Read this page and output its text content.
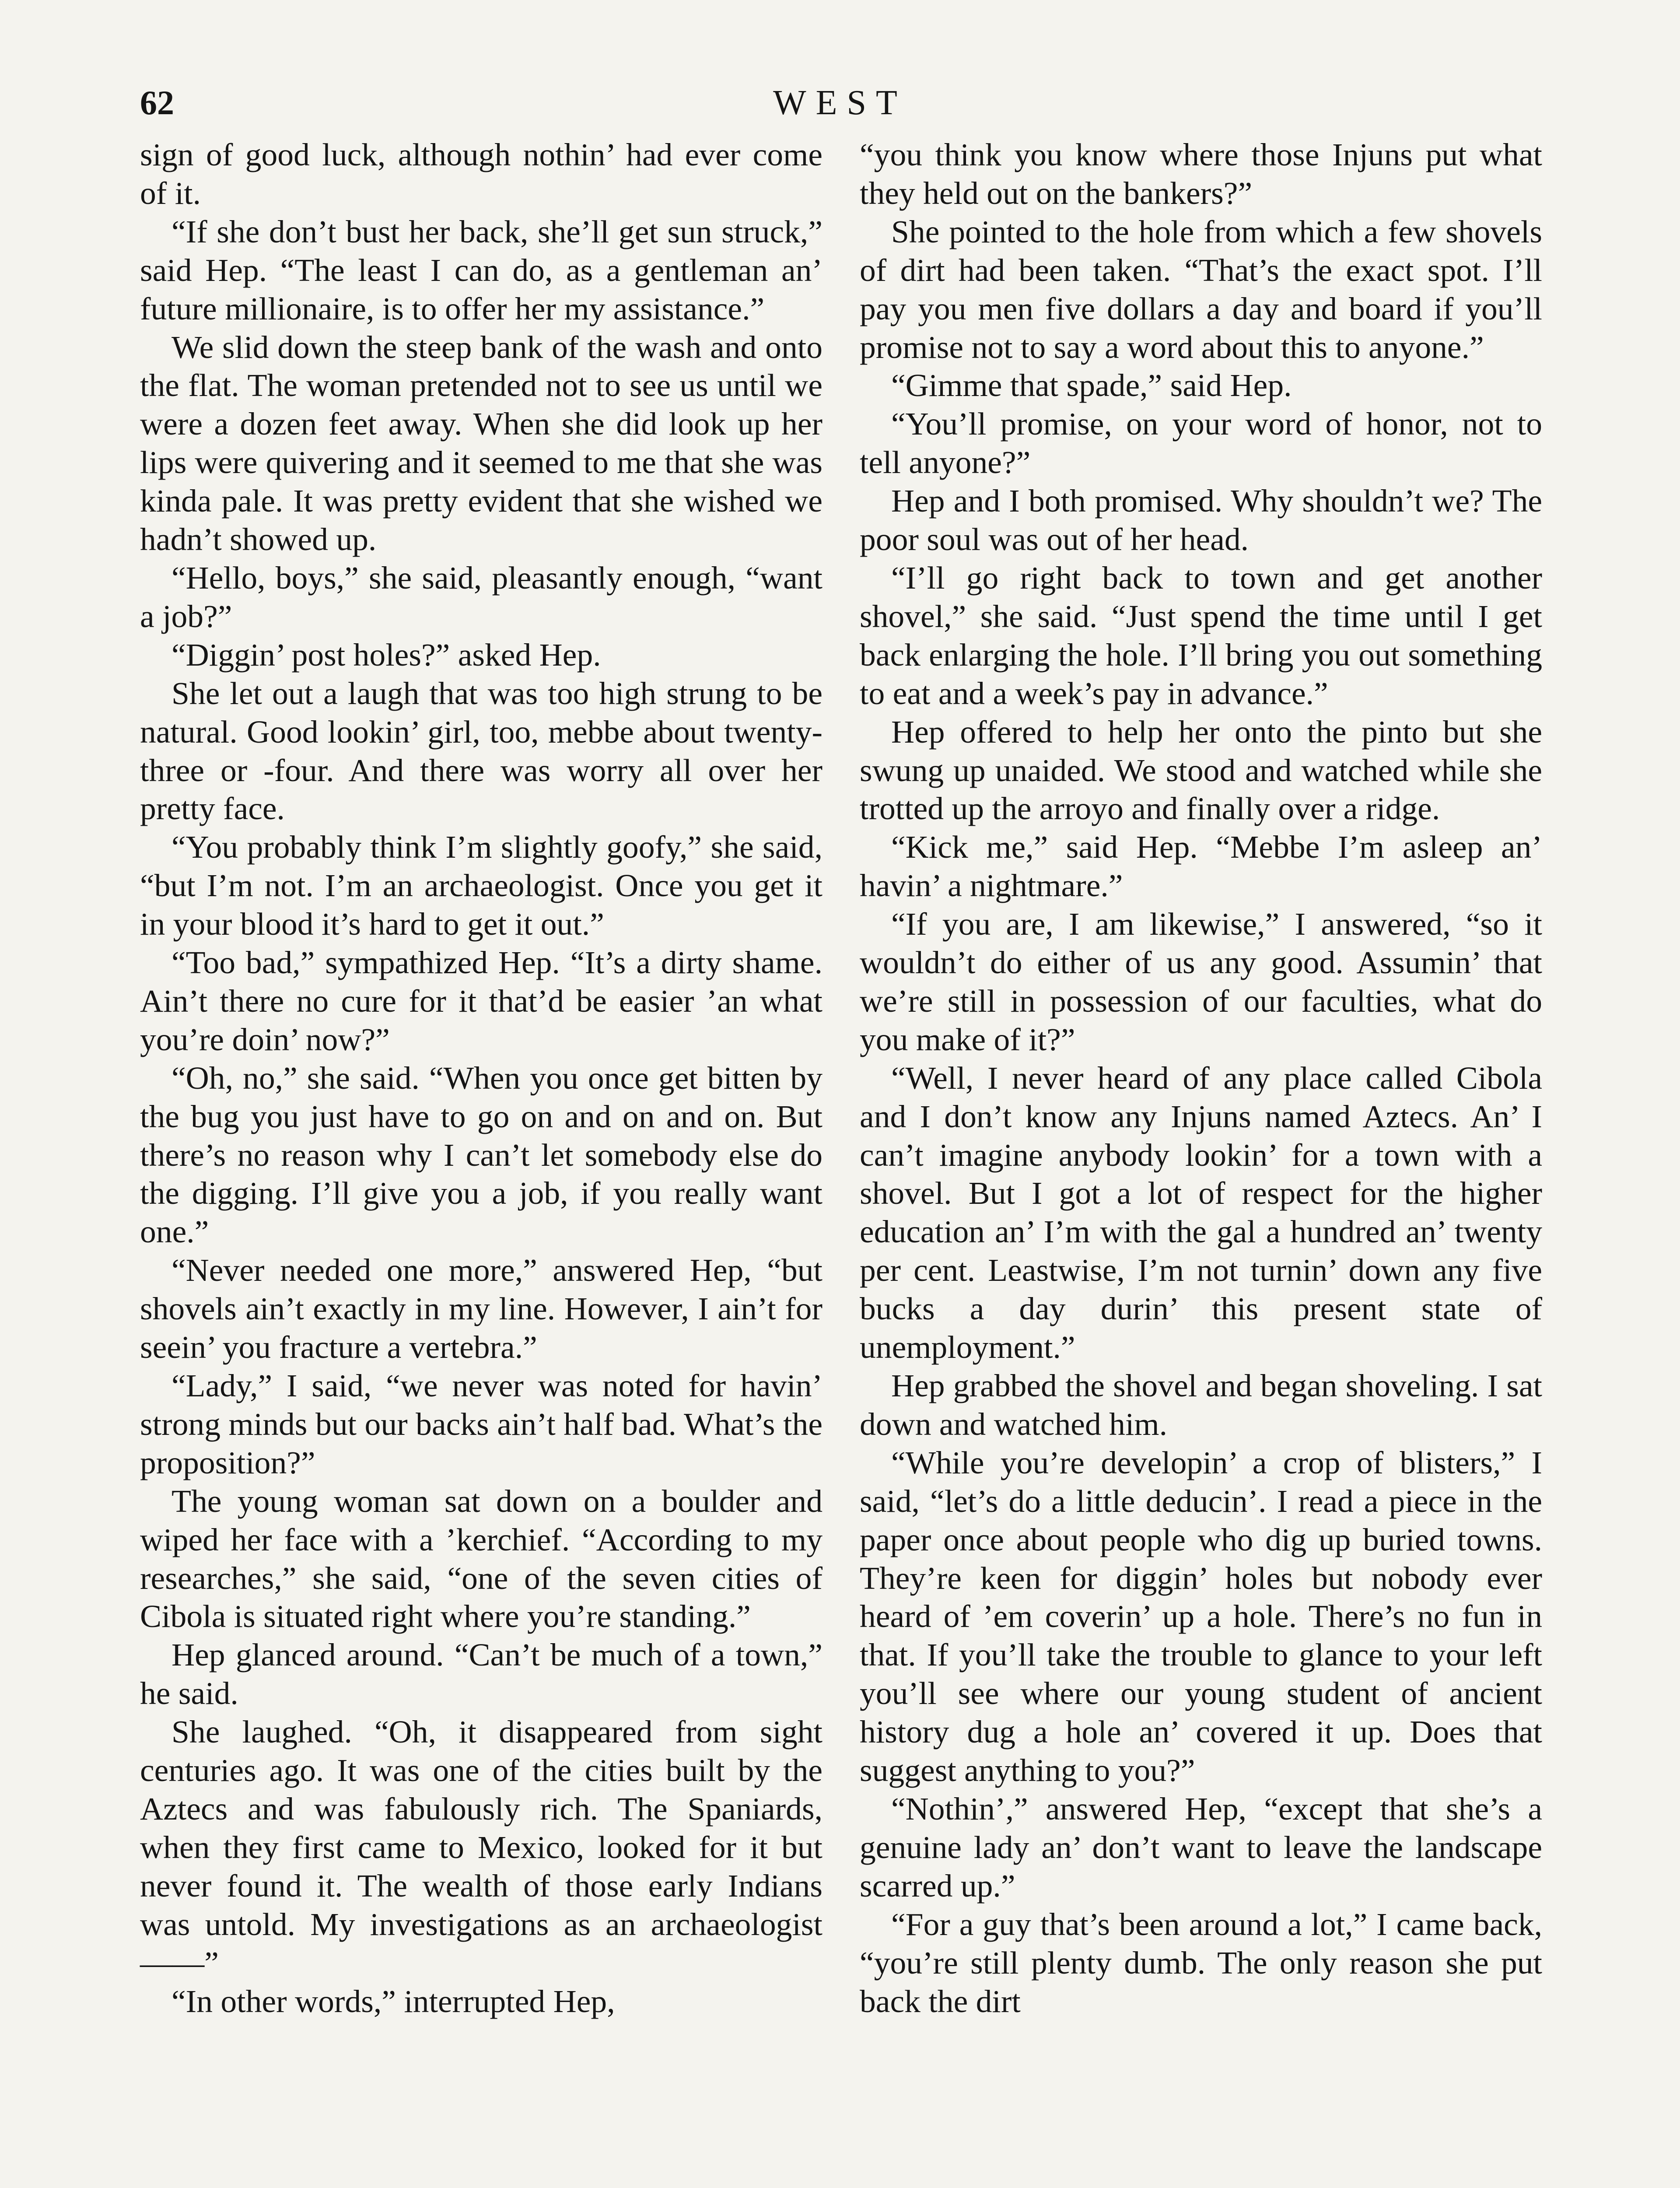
62	WEST

sign of good luck, although nothin’ had ever come of it.

“If she don’t bust her back, she’ll get sun struck,” said Hep. “The least I can do, as a gentleman an’ future millionaire, is to offer her my assistance.”

We slid down the steep bank of the wash and onto the flat. The woman pretended not to see us until we were a dozen feet away. When she did look up her lips were quivering and it seemed to me that she was kinda pale. It was pretty evident that she wished we hadn’t showed up.

“Hello, boys,” she said, pleasantly enough, “want a job?”

“Diggin’ post holes?” asked Hep.

She let out a laugh that was too high strung to be natural. Good lookin’ girl, too, mebbe about twenty-three or -four. And there was worry all over her pretty face.

“You probably think I’m slightly goofy,” she said, “but I’m not. I’m an archaeologist. Once you get it in your blood it’s hard to get it out.”

“Too bad,” sympathized Hep. “It’s a dirty shame. Ain’t there no cure for it that’d be easier ’an what you’re doin’ now?”

“Oh, no,” she said. “When you once get bitten by the bug you just have to go on and on and on. But there’s no reason why I can’t let somebody else do the digging. I’ll give you a job, if you really want one.”

“Never needed one more,” answered Hep, “but shovels ain’t exactly in my line. However, I ain’t for seein’ you fracture a vertebra.”

“Lady,” I said, “we never was noted for havin’ strong minds but our backs ain’t half bad. What’s the proposition?”

The young woman sat down on a boulder and wiped her face with a ’kerchief. “According to my researches,” she said, “one of the seven cities of Cibola is situated right where you’re standing.”

Hep glanced around. “Can’t be much of a town,” he said.

She laughed. “Oh, it disappeared from sight centuries ago. It was one of the cities built by the Aztecs and was fabulously rich. The Spaniards, when they first came to Mexico, looked for it but never found it. The wealth of those early Indians was untold. My investigations as an archaeologist——”

“In other words,” interrupted Hep,

“you think you know where those Injuns put what they held out on the bankers?”

She pointed to the hole from which a few shovels of dirt had been taken. “That’s the exact spot. I’ll pay you men five dollars a day and board if you’ll promise not to say a word about this to anyone.”

“Gimme that spade,” said Hep.

“You’ll promise, on your word of honor, not to tell anyone?”

Hep and I both promised. Why shouldn’t we? The poor soul was out of her head.

“I’ll go right back to town and get another shovel,” she said. “Just spend the time until I get back enlarging the hole. I’ll bring you out something to eat and a week’s pay in advance.”

Hep offered to help her onto the pinto but she swung up unaided. We stood and watched while she trotted up the arroyo and finally over a ridge.

“Kick me,” said Hep. “Mebbe I’m asleep an’ havin’ a nightmare.”

“If you are, I am likewise,” I answered, “so it wouldn’t do either of us any good. Assumin’ that we’re still in possession of our faculties, what do you make of it?”

“Well, I never heard of any place called Cibola and I don’t know any Injuns named Aztecs. An’ I can’t imagine anybody lookin’ for a town with a shovel. But I got a lot of respect for the higher education an’ I’m with the gal a hundred an’ twenty per cent. Leastwise, I’m not turnin’ down any five bucks a day durin’ this present state of unemployment.”

Hep grabbed the shovel and began shoveling. I sat down and watched him.

“While you’re developin’ a crop of blisters,” I said, “let’s do a little deducin’. I read a piece in the paper once about people who dig up buried towns. They’re keen for diggin’ holes but nobody ever heard of ’em coverin’ up a hole. There’s no fun in that. If you’ll take the trouble to glance to your left you’ll see where our young student of ancient history dug a hole an’ covered it up. Does that suggest anything to you?”

“Nothin’,” answered Hep, “except that she’s a genuine lady an’ don’t want to leave the landscape scarred up.”

“For a guy that’s been around a lot,” I came back, “you’re still plenty dumb. The only reason she put back the dirt
